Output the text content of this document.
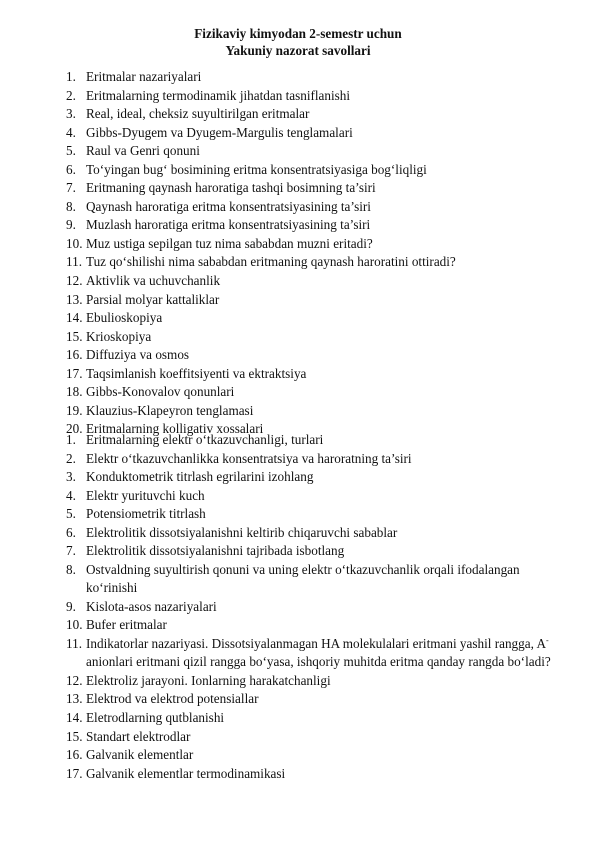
Fizikaviy kimyodan 2-semestr uchun
Yakuniy nazorat savollari
1. Eritmalar nazariyalari
2. Eritmalarning termodinamik jihatdan tasniflanishi
3. Real, ideal, cheksiz suyultirilgan eritmalar
4. Gibbs-Dyugem va Dyugem-Margulis tenglamalari
5. Raul va Genri qonuni
6. To‘yingan bug‘ bosimining eritma konsentratsiyasiga bog‘liqligi
7. Eritmaning qaynash haroratiga tashqi bosimning ta’siri
8. Qaynash haroratiga eritma konsentratsiyasining ta’siri
9. Muzlash haroratiga eritma konsentratsiyasining ta’siri
10. Muz ustiga sepilgan tuz nima sababdan muzni eritadi?
11. Tuz qo‘shilishi nima sababdan eritmaning qaynash haroratini ottiradi?
12. Aktivlik va uchuvchanlik
13. Parsial molyar kattaliklar
14. Ebulioskopiya
15. Krioskopiya
16. Diffuziya va osmos
17. Taqsimlanish koeffitsiyenti va ektraktsiya
18. Gibbs-Konovalov qonunlari
19. Klauzius-Klapeyron tenglamasi
20. Eritmalarning kolligativ xossalari
1. Eritmalarning elektr o‘tkazuvchanligi, turlari
2. Elektr o‘tkazuvchanlikka konsentratsiya va haroratning ta’siri
3. Konduktometrik titrlash egrilarini izohlang
4. Elektr yurituvchi kuch
5. Potensiometrik titrlash
6. Elektrolitik dissotsiyalanishni keltirib chiqaruvchi sabablar
7. Elektrolitik dissotsiyalanishni tajribada isbotlang
8. Ostvaldning suyultirish qonuni va uning elektr o‘tkazuvchanlik orqali ifodalangan ko‘rinishi
9. Kislota-asos nazariyalari
10. Bufer eritmalar
11. Indikatorlar nazariyasi. Dissotsiyalanmagan HA molekulalari eritmani yashil rangga, A- anionlari eritmani qizil rangga bo‘yasa, ishqoriy muhitda eritma qanday rangda bo‘ladi?
12. Elektroliz jarayoni. Ionlarning harakatchanligi
13. Elektrod va elektrod potensiallar
14. Eletrodlarning qutblanishi
15. Standart elektrodlar
16. Galvanik elementlar
17. Galvanik elementlar termodinamikasi
